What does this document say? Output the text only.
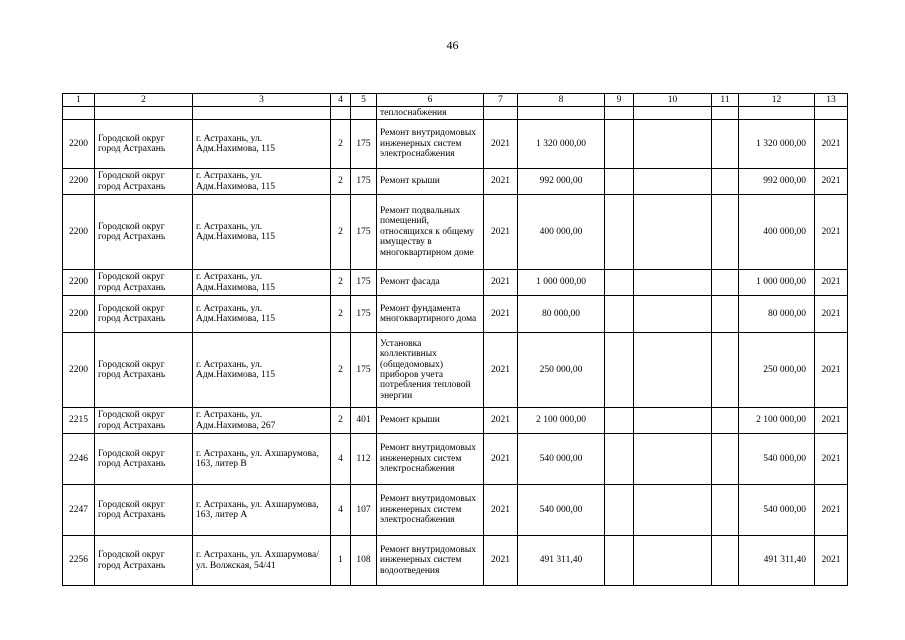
46
1	2	3	4	5	6	7	8	9	10	11	12	13
					теплоснабжения							
2200	Городской округ город Астрахань	г. Астрахань, ул. Адм.Нахимова, 115	2	175	Ремонт внутридомовых инженерных систем электроснабжения	2021	1 320 000,00				1 320 000,00	2021
2200	Городской округ город Астрахань	г. Астрахань, ул. Адм.Нахимова, 115	2	175	Ремонт крыши	2021	992 000,00				992 000,00	2021
2200	Городской округ город Астрахань	г. Астрахань, ул. Адм.Нахимова, 115	2	175	Ремонт подвальных помещений, относящихся к общему имуществу в многоквартирном доме	2021	400 000,00				400 000,00	2021
2200	Городской округ город Астрахань	г. Астрахань, ул. Адм.Нахимова, 115	2	175	Ремонт фасада	2021	1 000 000,00				1 000 000,00	2021
2200	Городской округ город Астрахань	г. Астрахань, ул. Адм.Нахимова, 115	2	175	Ремонт фундамента многоквартирного дома	2021	80 000,00				80 000,00	2021
2200	Городской округ город Астрахань	г. Астрахань, ул. Адм.Нахимова, 115	2	175	Установка коллективных (общедомовых) приборов учета потребления тепловой энергии	2021	250 000,00				250 000,00	2021
2215	Городской округ город Астрахань	г. Астрахань, ул. Адм.Нахимова, 267	2	401	Ремонт крыши	2021	2 100 000,00				2 100 000,00	2021
2246	Городской округ город Астрахань	г. Астрахань, ул. Ахшарумова, 163, литер В	4	112	Ремонт внутридомовых инженерных систем электроснабжения	2021	540 000,00				540 000,00	2021
2247	Городской округ город Астрахань	г. Астрахань, ул. Ахшарумова, 163, литер А	4	107	Ремонт внутридомовых инженерных систем электроснабжения	2021	540 000,00				540 000,00	2021
2256	Городской округ город Астрахань	г. Астрахань, ул. Ахшарумова/ ул. Волжская, 54/41	1	108	Ремонт внутридомовых инженерных систем водоотведения	2021	491 311,40				491 311,40	2021
